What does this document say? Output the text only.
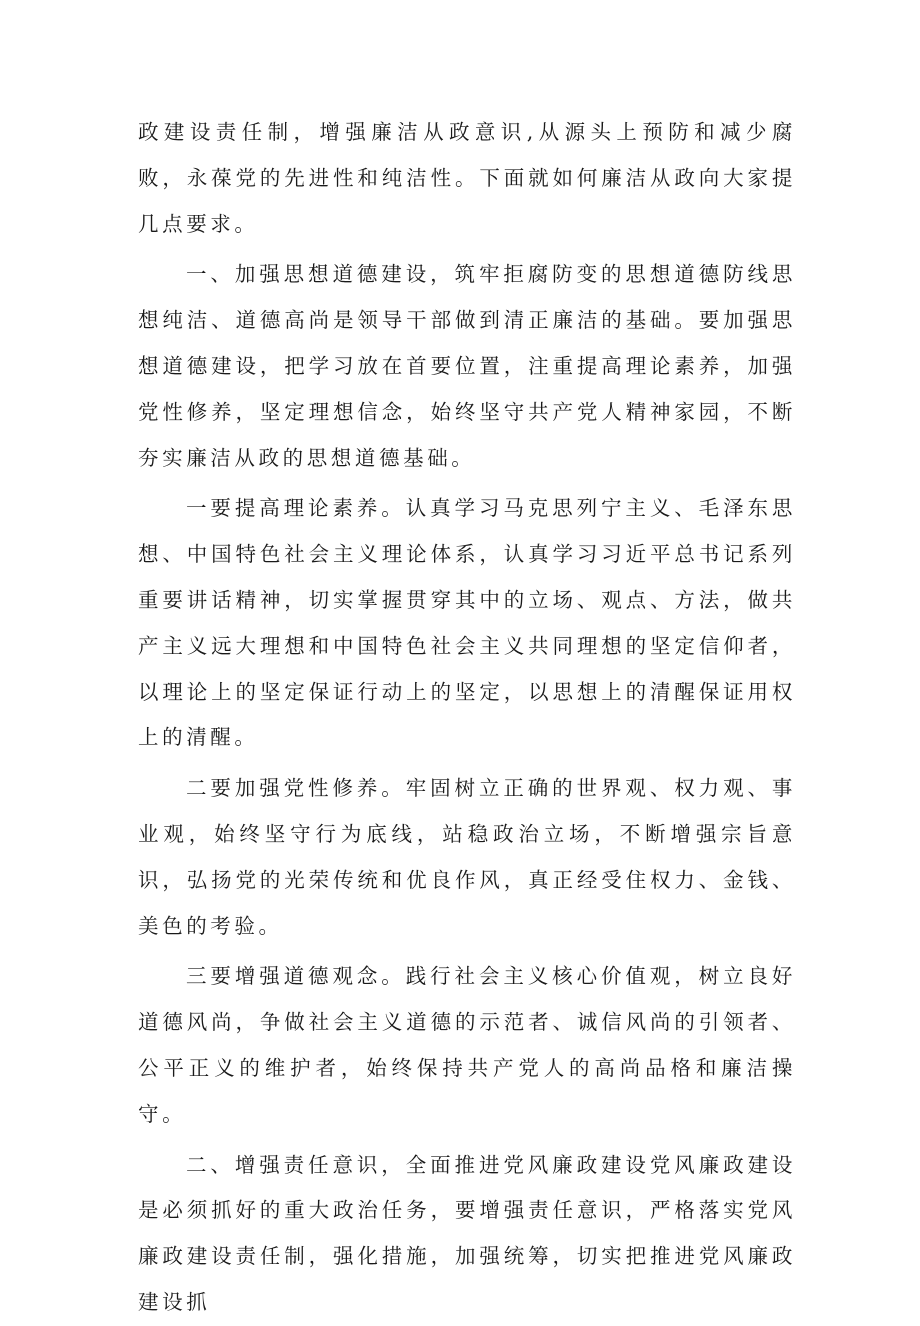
政建设责任制，增强廉洁从政意识,从源头上预防和减少腐败，永葆党的先进性和纯洁性。下面就如何廉洁从政向大家提几点要求。

一、加强思想道德建设，筑牢拒腐防变的思想道德防线思想纯洁、道德高尚是领导干部做到清正廉洁的基础。要加强思想道德建设，把学习放在首要位置，注重提高理论素养，加强党性修养，坚定理想信念，始终坚守共产党人精神家园，不断夯实廉洁从政的思想道德基础。

一要提高理论素养。认真学习马克思列宁主义、毛泽东思想、中国特色社会主义理论体系，认真学习习近平总书记系列重要讲话精神，切实掌握贯穿其中的立场、观点、方法，做共产主义远大理想和中国特色社会主义共同理想的坚定信仰者，以理论上的坚定保证行动上的坚定，以思想上的清醒保证用权上的清醒。

二要加强党性修养。牢固树立正确的世界观、权力观、事业观，始终坚守行为底线，站稳政治立场，不断增强宗旨意识，弘扬党的光荣传统和优良作风，真正经受住权力、金钱、美色的考验。

三要增强道德观念。践行社会主义核心价值观，树立良好道德风尚，争做社会主义道德的示范者、诚信风尚的引领者、公平正义的维护者，始终保持共产党人的高尚品格和廉洁操守。

二、增强责任意识，全面推进党风廉政建设党风廉政建设是必须抓好的重大政治任务，要增强责任意识，严格落实党风廉政建设责任制，强化措施，加强统筹，切实把推进党风廉政建设抓
